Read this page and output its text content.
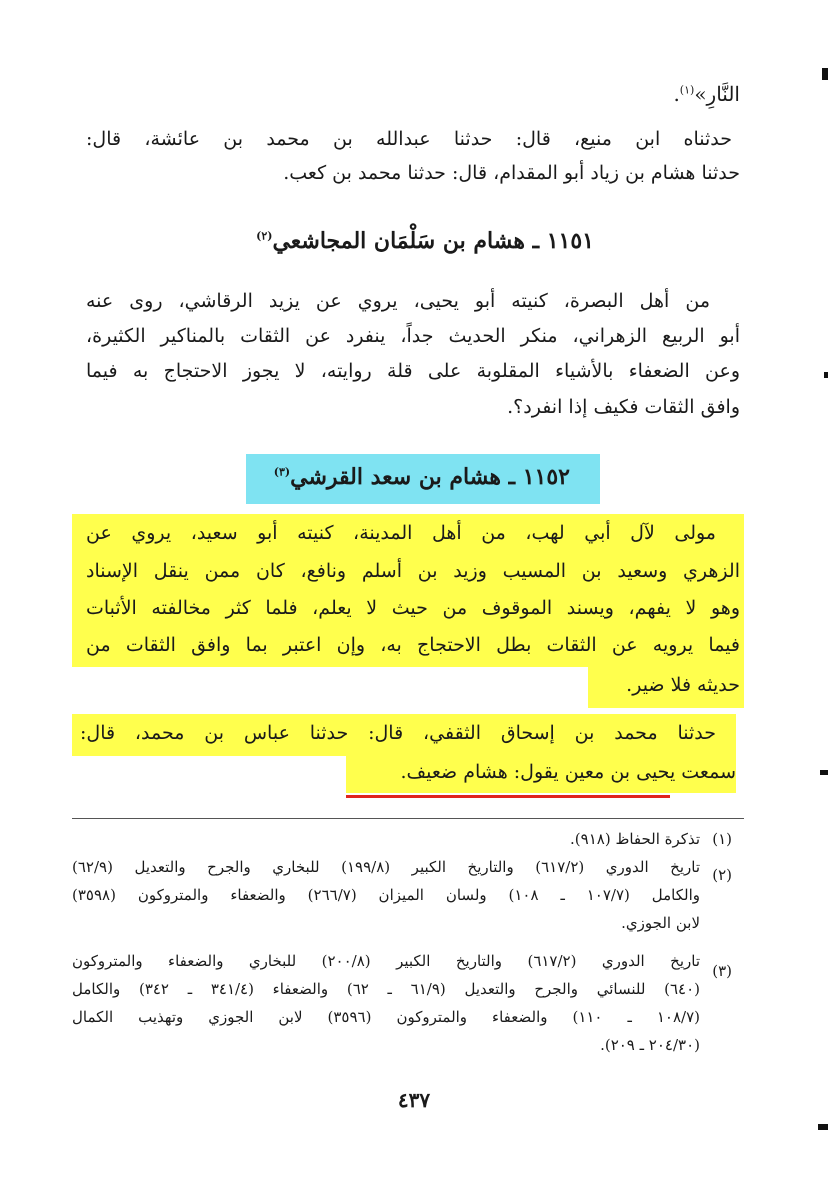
النَّارِ»$^{(١)}$.
حدثناه ابن منيع، قال: حدثنا عبدالله بن محمد بن عائشة، قال:
حدثنا هشام بن زياد أبو المقدام، قال: حدثنا محمد بن كعب.
١١٥١ ـ هشام بن سَلْمَان المجاشعي$^{(٢)}$
من أهل البصرة، كنيته أبو يحيى، يروي عن يزيد الرقاشي، روى عنه
أبو الربيع الزهراني، منكر الحديث جداً، ينفرد عن الثقات بالمناكير الكثيرة،
وعن الضعفاء بالأشياء المقلوبة على قلة روايته، لا يجوز الاحتجاج به فيما
وافق الثقات فكيف إذا انفرد؟.
١١٥٢ ـ هشام بن سعد القرشي$^{(٣)}$
مولى لآل أبي لهب، من أهل المدينة، كنيته أبو سعيد، يروي عن
الزهري وسعيد بن المسيب وزيد بن أسلم ونافع، كان ممن ينقل الإسناد
وهو لا يفهم، ويسند الموقوف من حيث لا يعلم، فلما كثر مخالفته الأثبات
فيما يرويه عن الثقات بطل الاحتجاج به، وإن اعتبر بما وافق الثقات من
حديثه فلا ضير.
حدثنا محمد بن إسحاق الثقفي، قال: حدثنا عباس بن محمد، قال:
سمعت يحيى بن معين يقول: هشام ضعيف.
(١)
تذكرة الحفاظ (٩١٨).
(٢)
تاريخ الدوري (٦١٧/٢) والتاريخ الكبير (١٩٩/٨) للبخاري والجرح والتعديل (٦٢/٩)
والكامل (١٠٧/٧ ـ ١٠٨) ولسان الميزان (٢٦٦/٧) والضعفاء والمتروكون (٣٥٩٨)
لابن الجوزي.
(٣)
تاريخ الدوري (٦١٧/٢) والتاريخ الكبير (٢٠٠/٨) للبخاري والضعفاء والمتروكون
(٦٤٠) للنسائي والجرح والتعديل (٦١/٩ ـ ٦٢) والضعفاء (٣٤١/٤ ـ ٣٤٢) والكامل
(١٠٨/٧ ـ ١١٠) والضعفاء والمتروكون (٣٥٩٦) لابن الجوزي وتهذيب الكمال
(٢٠٤/٣٠ ـ ٢٠٩).
٤٣٧
